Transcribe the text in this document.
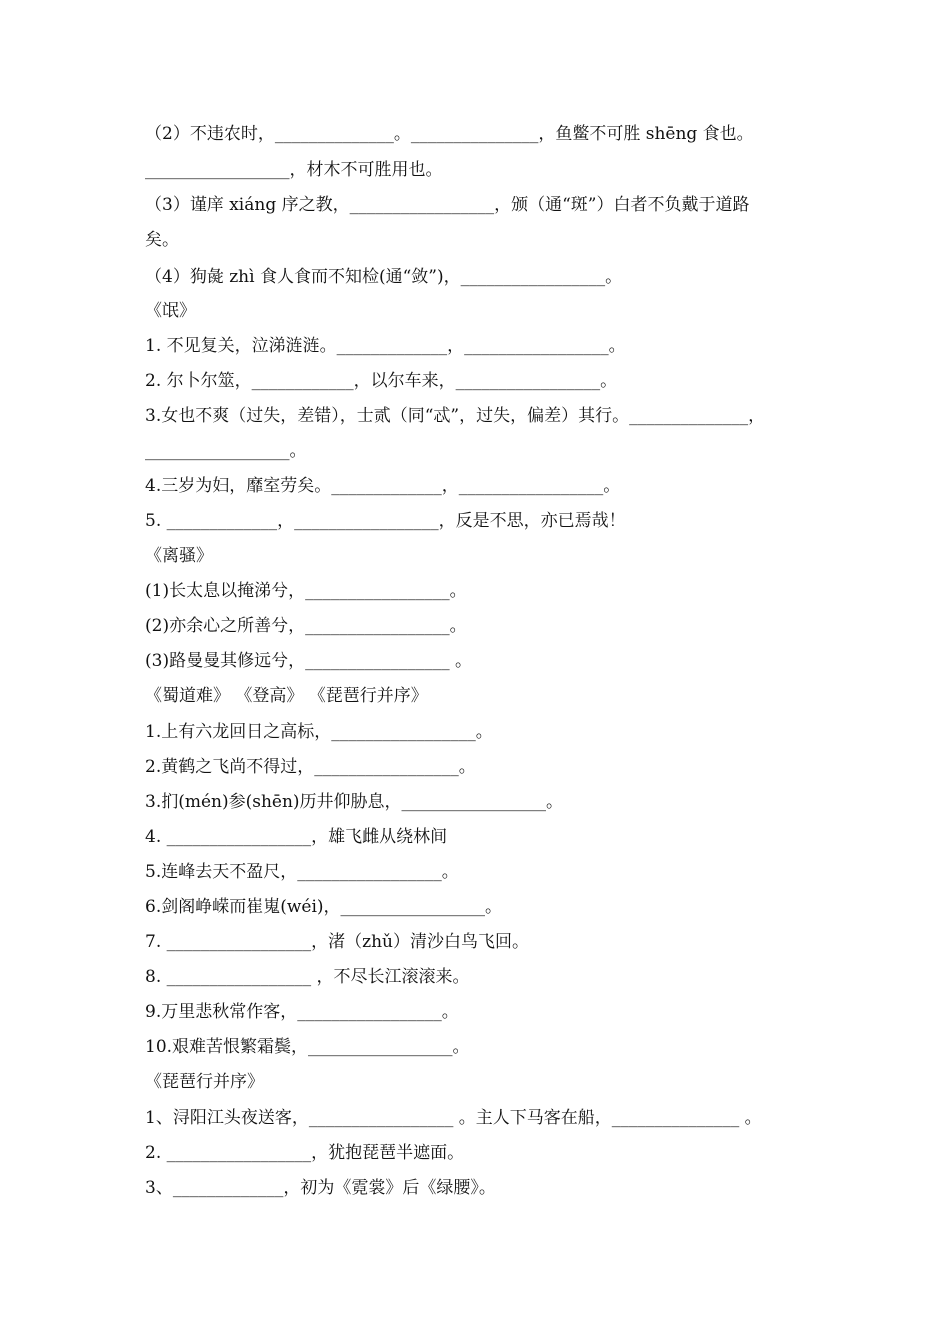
（2）不违农时，______________。_______________，鱼鳖不可胜 shēng 食也。
_________________，材木不可胜用也。
（3）谨庠 xiáng 序之教，_________________，颁（通“斑”）白者不负戴于道路
矣。
（4）狗彘 zhì 食人食而不知检(通“敛”)，_________________。
《氓》
1. 不见复关，泣涕涟涟。_____________，_________________。
2. 尔卜尔筮，____________，以尔车来，_________________。
3.女也不爽（过失，差错），士贰（同“忒”，过失，偏差）其行。______________，
_________________。
4.三岁为妇，靡室劳矣。_____________，_________________。
5. _____________，_________________，反是不思，亦已焉哉！
《离骚》
(1)长太息以掩涕兮，_________________。
(2)亦余心之所善兮，_________________。
(3)路曼曼其修远兮，_________________ 。
《蜀道难》 《登高》 《琵琶行并序》
1.上有六龙回日之高标，_________________。
2.黄鹤之飞尚不得过，_________________。
3.扪(mén)参(shēn)历井仰胁息，_________________。
4. _________________，雄飞雌从绕林间
5.连峰去天不盈尺，_________________。
6.剑阁峥嵘而崔嵬(wéi)，_________________。
7. _________________，渚（zhǔ）清沙白鸟飞回。
8. _________________ ，不尽长江滚滚来。
9.万里悲秋常作客，_________________。
10.艰难苦恨繁霜鬓，_________________。
《琵琶行并序》
1、浔阳江头夜送客，_________________ 。主人下马客在船，_______________ 。
2. _________________，犹抱琵琶半遮面。
3、_____________，初为《霓裳》后《绿腰》。
